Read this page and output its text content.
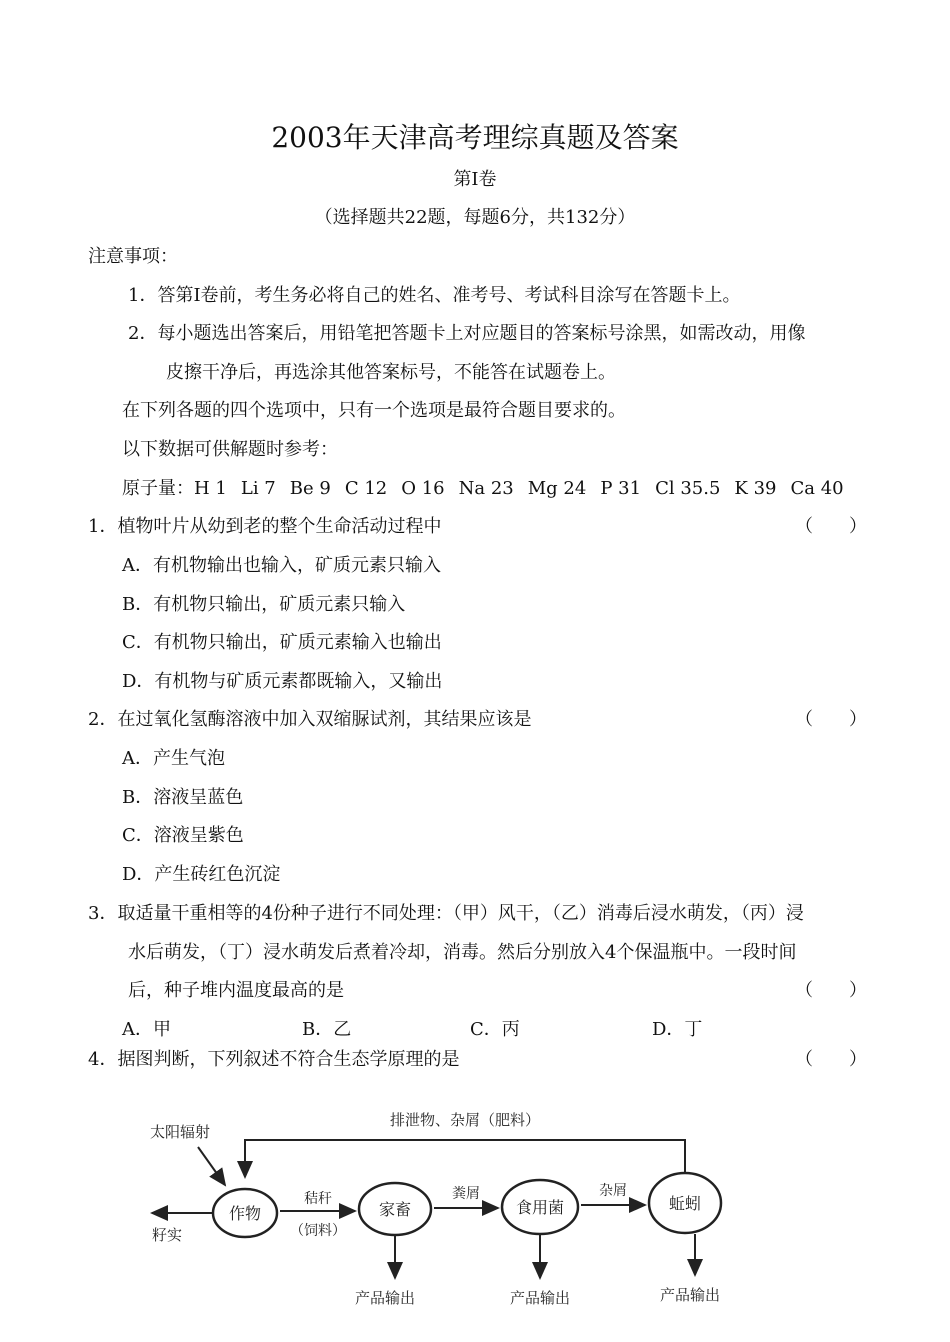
2003年天津高考理综真题及答案
第Ⅰ卷
（选择题共22题，每题6分，共132分）
注意事项：
1．答第Ⅰ卷前，考生务必将自己的姓名、准考号、考试科目涂写在答题卡上。
2．每小题选出答案后，用铅笔把答题卡上对应题目的答案标号涂黑，如需改动，用像
皮擦干净后，再选涂其他答案标号，不能答在试题卷上。
在下列各题的四个选项中，只有一个选项是最符合题目要求的。
以下数据可供解题时参考：
原子量：H 1 Li 7 Be 9 C 12 O 16 Na 23 Mg 24 P 31 Cl 35.5 K 39 Ca 40
1．植物叶片从幼到老的整个生命活动过程中	（　　）
A．有机物输出也输入，矿质元素只输入
B．有机物只输出，矿质元素只输入
C．有机物只输出，矿质元素输入也输出
D．有机物与矿质元素都既输入，又输出
2．在过氧化氢酶溶液中加入双缩脲试剂，其结果应该是	（　　）
A．产生气泡
B．溶液呈蓝色
C．溶液呈紫色
D．产生砖红色沉淀
3．取适量干重相等的4份种子进行不同处理：（甲）风干，（乙）消毒后浸水萌发，（丙）浸
水后萌发，（丁）浸水萌发后煮着冷却，消毒。然后分别放入4个保温瓶中。一段时间
后，种子堆内温度最高的是	（　　）
A．甲	B．乙	C．丙	D．丁
4．据图判断，下列叙述不符合生态学原理的是	（　　）
排泄物、杂屑（肥料）
太阳辐射
籽实
作物	家畜	食用菌	蚯蚓
秸秆
（饲料）
粪屑	杂屑
产品输出	产品输出	产品输出
